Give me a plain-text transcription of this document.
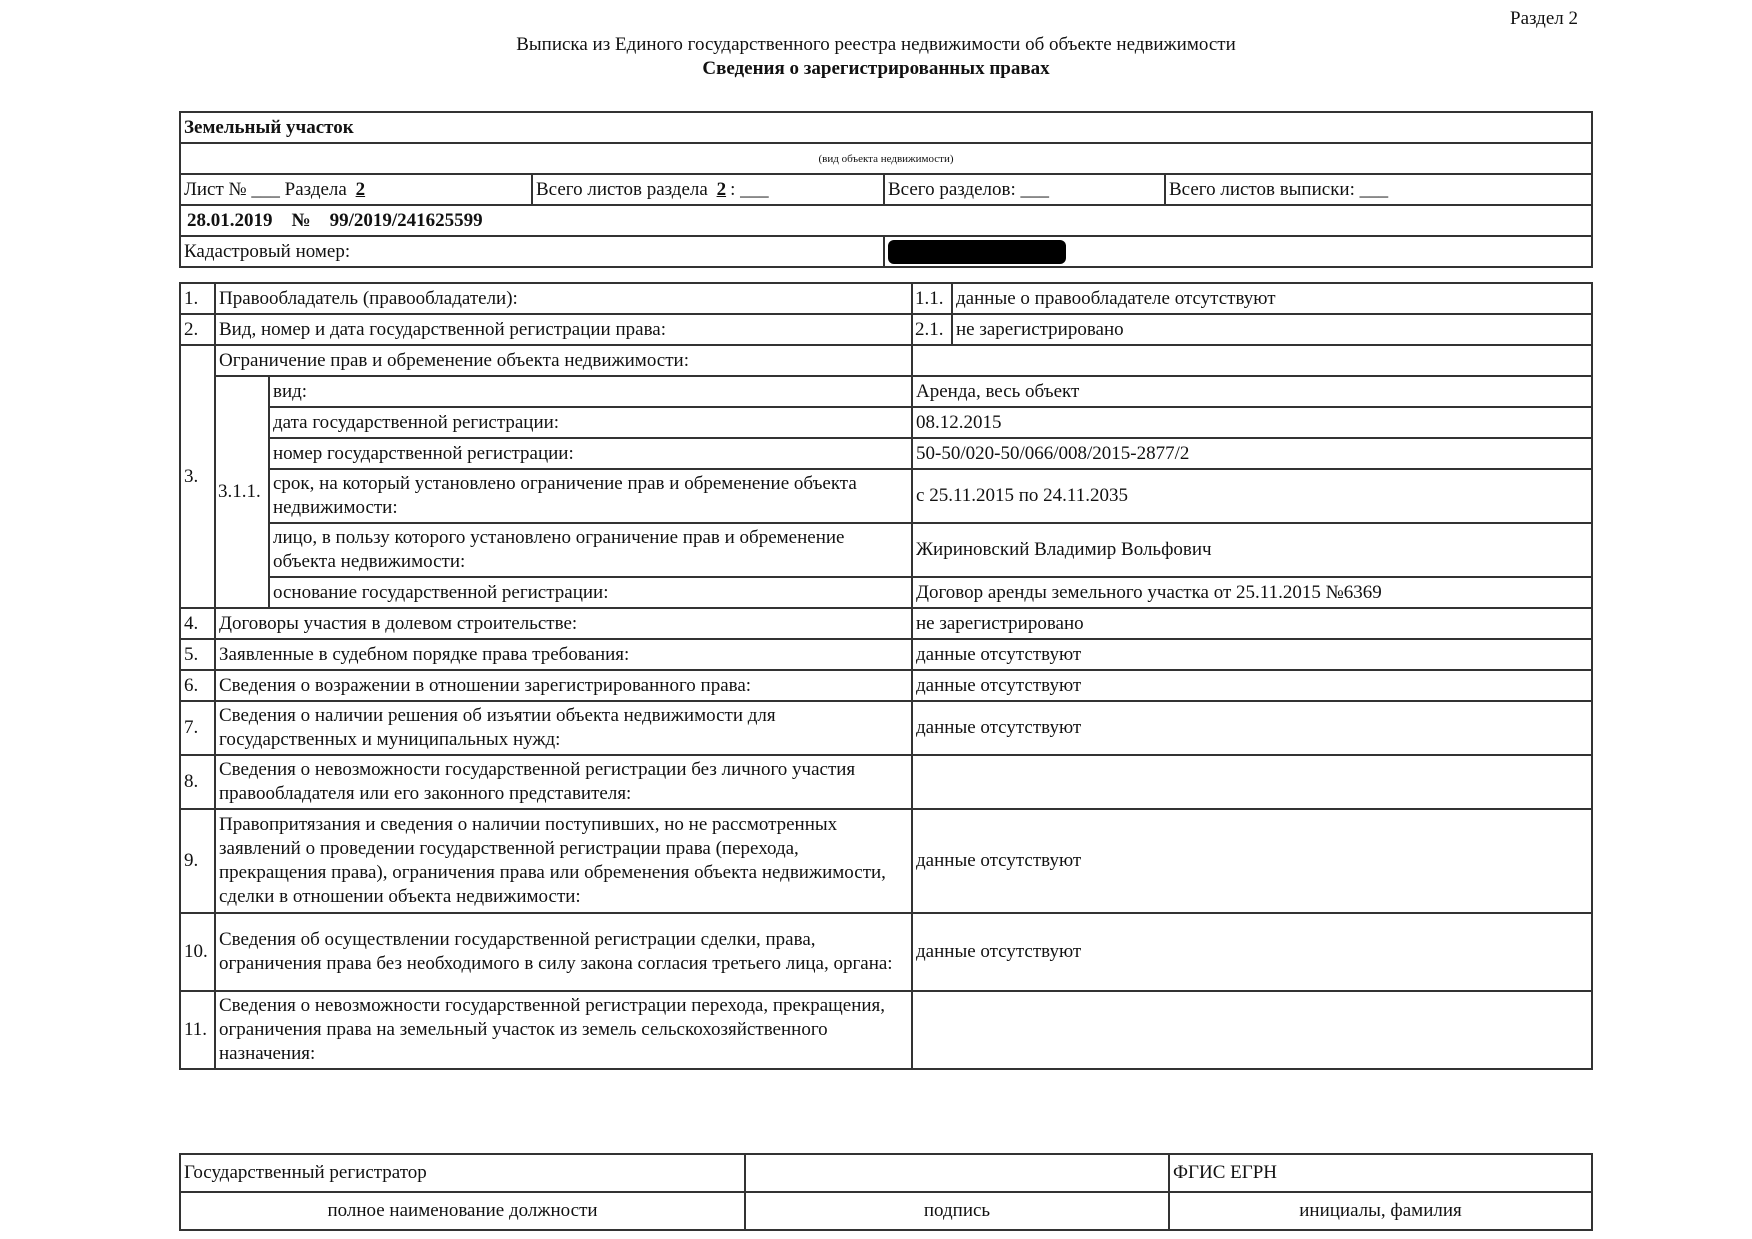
Раздел 2
Выписка из Единого государственного реестра недвижимости об объекте недвижимости
Сведения о зарегистрированных правах
Земельный участок			
(вид объекта недвижимости)			
Лист № ___ Раздела 2	Всего листов раздела 2 : ___	Всего разделов: ___	Всего листов выписки: ___
28.01.2019    №    99/2019/241625599			
Кадастровый номер:			
1.	Правообладатель (правообладатели):		1.1.	данные о правообладателе отсутствуют
2.	Вид, номер и дата государственной регистрации права:		2.1.	не зарегистрировано
3.	Ограничение прав и обременение объекта недвижимости:			
	3.1.1.	вид:	Аренда, весь объект	
		дата государственной регистрации:	08.12.2015	
		номер государственной регистрации:	50-50/020-50/066/008/2015-2877/2	
		срок, на который установлено ограничение прав и обременение объекта недвижимости:	с 25.11.2015 по 24.11.2035	
		лицо, в пользу которого установлено ограничение прав и обременение объекта недвижимости:	Жириновский Владимир Вольфович	
		основание государственной регистрации:	Договор аренды земельного участка от 25.11.2015 №6369	
4.	Договоры участия в долевом строительстве:		не зарегистрировано	
5.	Заявленные в судебном порядке права требования:		данные отсутствуют	
6.	Сведения о возражении в отношении зарегистрированного права:		данные отсутствуют	
7.	Сведения о наличии решения об изъятии объекта недвижимости для государственных и муниципальных нужд:		данные отсутствуют	
8.	Сведения о невозможности государственной регистрации без личного участия правообладателя или его законного представителя:			
9.	Правопритязания и сведения о наличии поступивших, но не рассмотренных заявлений о проведении государственной регистрации права (перехода, прекращения права), ограничения права или обременения объекта недвижимости, сделки в отношении объекта недвижимости:		данные отсутствуют	
10.	Сведения об осуществлении государственной регистрации сделки, права, ограничения права без необходимого в силу закона согласия третьего лица, органа:		данные отсутствуют	
11.	Сведения о невозможности государственной регистрации перехода, прекращения, ограничения права на земельный участок из земель сельскохозяйственного назначения:			
Государственный регистратор		ФГИС ЕГРН
полное наименование должности	подпись	инициалы, фамилия
